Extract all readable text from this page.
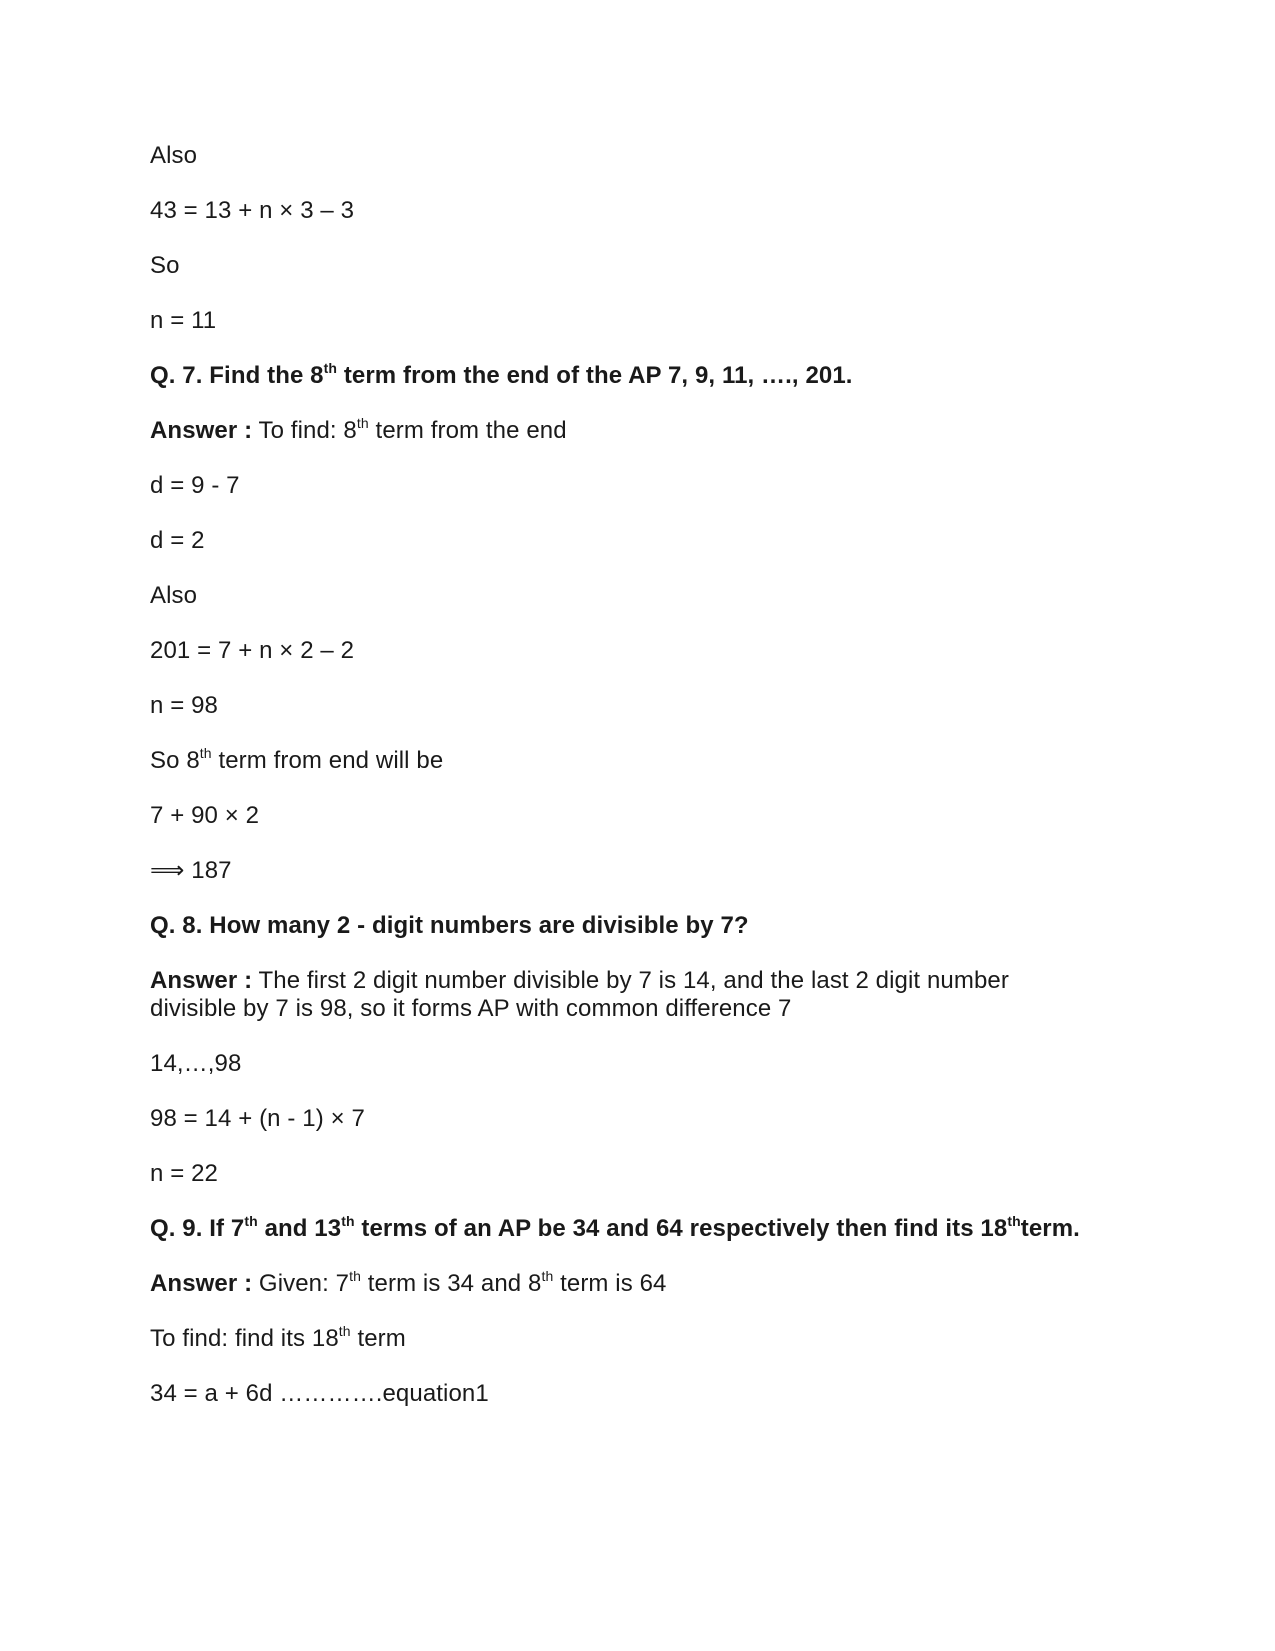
Also
43 = 13 + n × 3 – 3
So
n = 11
Q. 7. Find the 8th term from the end of the AP 7, 9, 11, …., 201.
Answer : To find: 8th term from the end
d = 9 - 7
d = 2
Also
201 = 7 + n × 2 – 2
n = 98
So 8th term from end will be
7 + 90 × 2
⟹ 187
Q. 8. How many 2 - digit numbers are divisible by 7?
Answer : The first 2 digit number divisible by 7 is 14, and the last 2 digit number
divisible by 7 is 98, so it forms AP with common difference 7
14,…,98
98 = 14 + (n - 1) × 7
n = 22
Q. 9. If 7th and 13th terms of an AP be 34 and 64 respectively then find its 18thterm.
Answer : Given: 7th term is 34 and 8th term is 64
To find: find its 18th term
34 = a + 6d ………….equation1
